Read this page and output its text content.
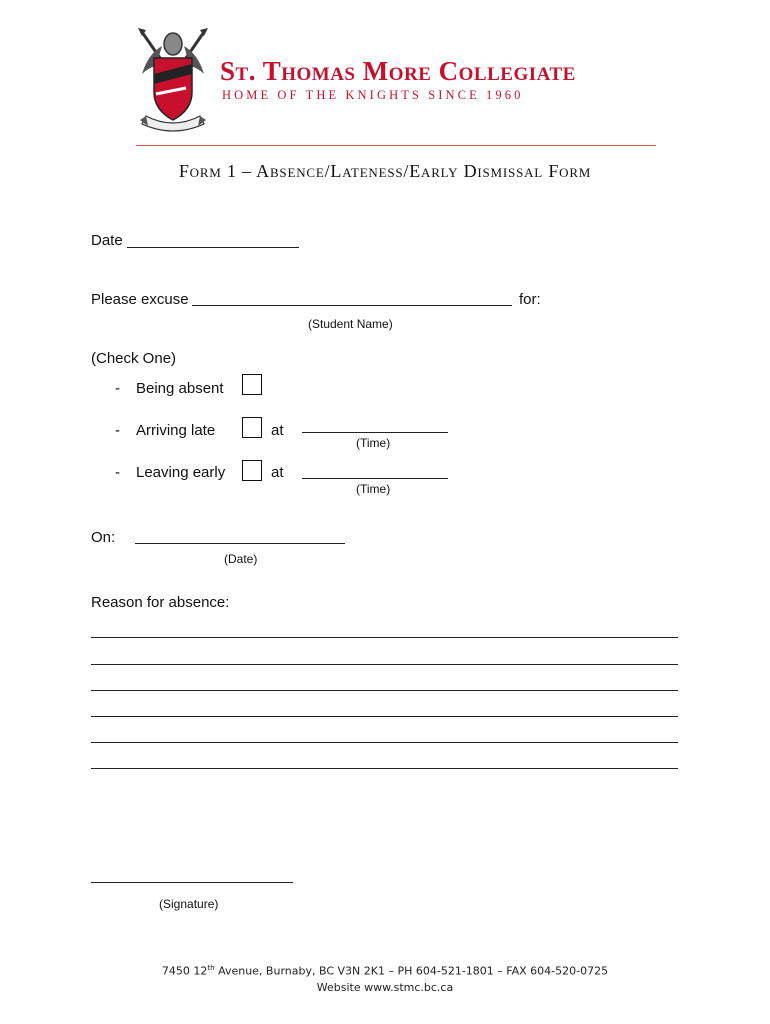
St. Thomas More Collegiate
HOME OF THE KNIGHTS SINCE 1960
Form 1 – Absence/Lateness/Early Dismissal Form
Date
Please excuse	for:
(Student Name)
(Check One)
- Being absent
- Arriving late	at
(Time)
- Leaving early	at
(Time)
On:
(Date)
Reason for absence:
(Signature)
7450 12th Avenue, Burnaby, BC V3N 2K1 – PH 604-521-1801 – FAX 604-520-0725
Website www.stmc.bc.ca
